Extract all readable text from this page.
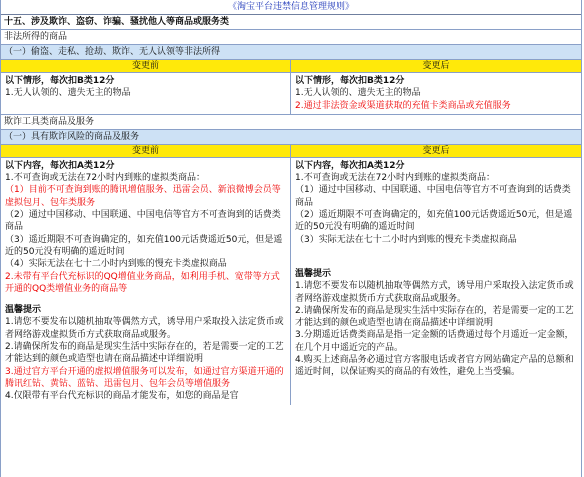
《淘宝平台违禁信息管理规则》
十五、涉及欺诈、盗窃、诈骗、骚扰他人等商品或服务类
非法所得的商品
（一）偷盗、走私、抢劫、欺诈、无人认领等非法所得
变更前

以下情形，每次扣B类12分

1.无人认领的、遗失无主的物品

变更后

以下情形，每次扣B类12分

1.无人认领的、遗失无主的物品

2.通过非法资金或渠道获取的充值卡类商品或充值服务

欺诈工具类商品及服务
（一）具有欺诈风险的商品及服务
变更前

以下内容，每次扣A类12分

1.不可查询或无法在72小时内到账的虚拟类商品：

（1）目前不可查询到账的腾讯增值服务、迅雷会员、新浪微博会员等虚拟包月、包年类服务

（2）通过中国移动、中国联通、中国电信等官方不可查询到的话费类商品

（3）遥近期限不可查询确定的，如充值100元话费遥近50元，但是遥近的50元没有明确的遥近时间

（4）实际无法在七十二小时内到账的慢充卡类虚拟商品

2.未带有平台代充标识的QQ增值业务商品，如利用手机、宽带等方式开通的QQ类增值业务的商品等

温馨提示

1.请您不要发布以随机抽取等偶然方式，诱导用户采取投入法定货币或者网络游戏虚拟货币方式获取商品或服务。

2.请确保所发布的商品是现实生活中实际存在的，若是需要一定的工艺才能达到的颜色或造型也请在商品描述中详细说明

3.通过官方平台开通的虚拟增值服务可以发布，如通过官方渠道开通的腾讯红钻、黄钻、蓝钻、迅雷包月、包年会员等增值服务

4.仅限带有平台代充标识的商品才能发布，如您的商品是官

变更后

以下内容，每次扣A类12分

1.不可查询或无法在72小时内到账的虚拟类商品：

（1）通过中国移动、中国联通、中国电信等官方不可查询到的话费类商品

（2）遥近期限不可查询确定的，如充值100元话费遥近50元，但是遥近的50元没有明确的遥近时间

（3）实际无法在七十二小时内到账的慢充卡类虚拟商品

温馨提示

1.请您不要发布以随机抽取等偶然方式，诱导用户采取投入法定货币或者网络游戏虚拟货币方式获取商品或服务。

2.请确保所发布的商品是现实生活中实际存在的，若是需要一定的工艺才能达到的颜色或造型也请在商品描述中详细说明

3.分期遥近话费类商品是指一定金额的话费通过每个月遥近一定金额，在几个月中遥近完的产品。

4.购买上述商品务必通过官方客服电话或者官方网站确定产品的总额和遥近时间，以保证购买的商品的有效性，避免上当受骗。
